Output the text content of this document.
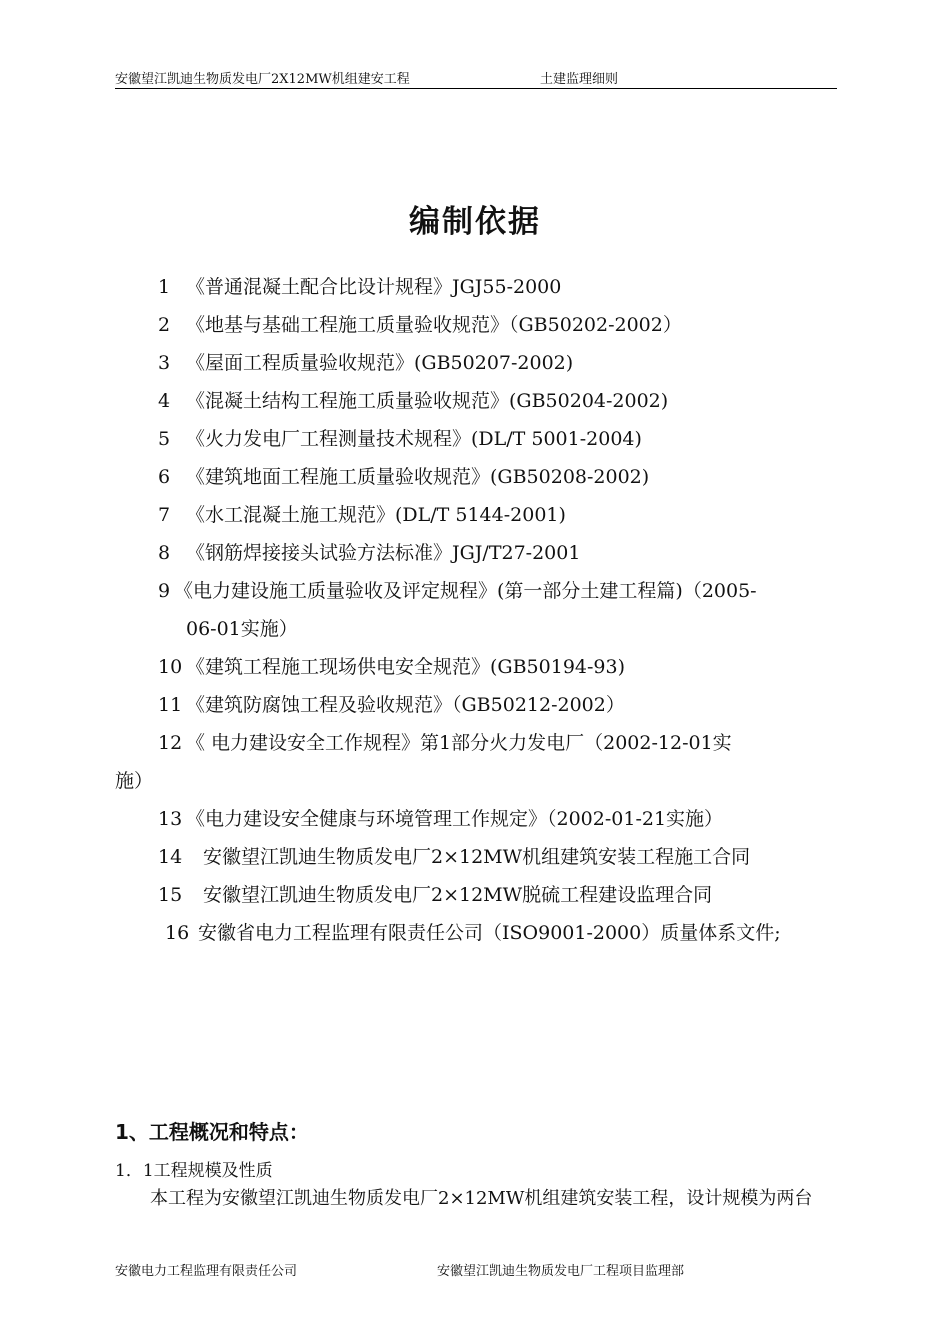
安徽望江凯迪生物质发电厂2X12MW机组建安工程	土建监理细则
编制依据
1 《普通混凝土配合比设计规程》JGJ55-2000
2 《地基与基础工程施工质量验收规范》（GB50202-2002）
3 《屋面工程质量验收规范》(GB50207-2002)
4 《混凝土结构工程施工质量验收规范》(GB50204-2002)
5 《火力发电厂工程测量技术规程》(DL/T 5001-2004)
6 《建筑地面工程施工质量验收规范》(GB50208-2002)
7 《水工混凝土施工规范》(DL/T 5144-2001)
8 《钢筋焊接接头试验方法标准》JGJ/T27-2001
9 《电力建设施工质量验收及评定规程》(第一部分土建工程篇)（2005-
06-01实施）
10 《建筑工程施工现场供电安全规范》(GB50194-93)
11 《建筑防腐蚀工程及验收规范》（GB50212-2002）
12 《 电力建设安全工作规程》第1部分火力发电厂（2002-12-01实
施）
13 《电力建设安全健康与环境管理工作规定》（2002-01-21实施）
14 安徽望江凯迪生物质发电厂2×12MW机组建筑安装工程施工合同
15 安徽望江凯迪生物质发电厂2×12MW脱硫工程建设监理合同
16 安徽省电力工程监理有限责任公司（ISO9001-2000）质量体系文件;
1、工程概况和特点：
1．1工程规模及性质
本工程为安徽望江凯迪生物质发电厂2×12MW机组建筑安装工程，设计规模为两台
安徽电力工程监理有限责任公司	安徽望江凯迪生物质发电厂工程项目监理部
